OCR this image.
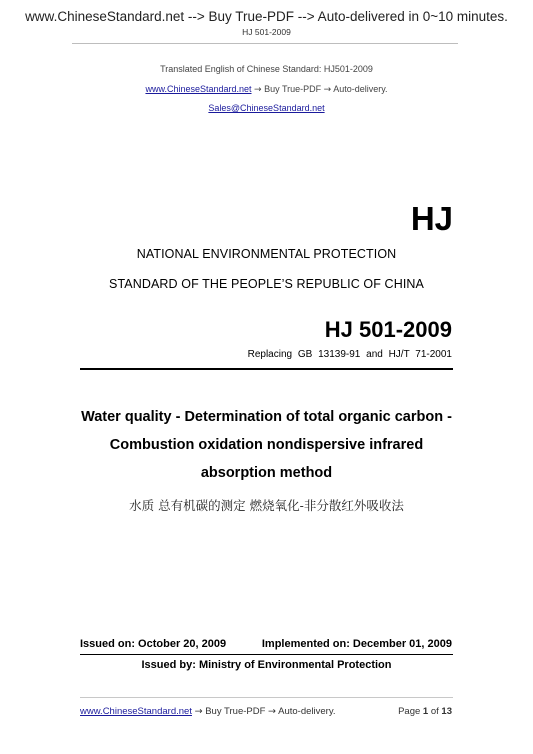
www.ChineseStandard.net --> Buy True-PDF --> Auto-delivered in 0~10 minutes.
HJ 501-2009
Translated English of Chinese Standard: HJ501-2009
www.ChineseStandard.net → Buy True-PDF → Auto-delivery.
Sales@ChineseStandard.net
HJ
NATIONAL ENVIRONMENTAL PROTECTION
STANDARD OF THE PEOPLE’S REPUBLIC OF CHINA
HJ 501-2009
Replacing GB 13139-91 and HJ/T 71-2001
Water quality - Determination of total organic carbon -
Combustion oxidation nondispersive infrared
absorption method
水质 总有机碳的测定 燃烧氧化-非分散红外吸收法
Issued on: October 20, 2009	Implemented on: December 01, 2009
Issued by: Ministry of Environmental Protection
www.ChineseStandard.net → Buy True-PDF → Auto-delivery.	Page 1 of 13
